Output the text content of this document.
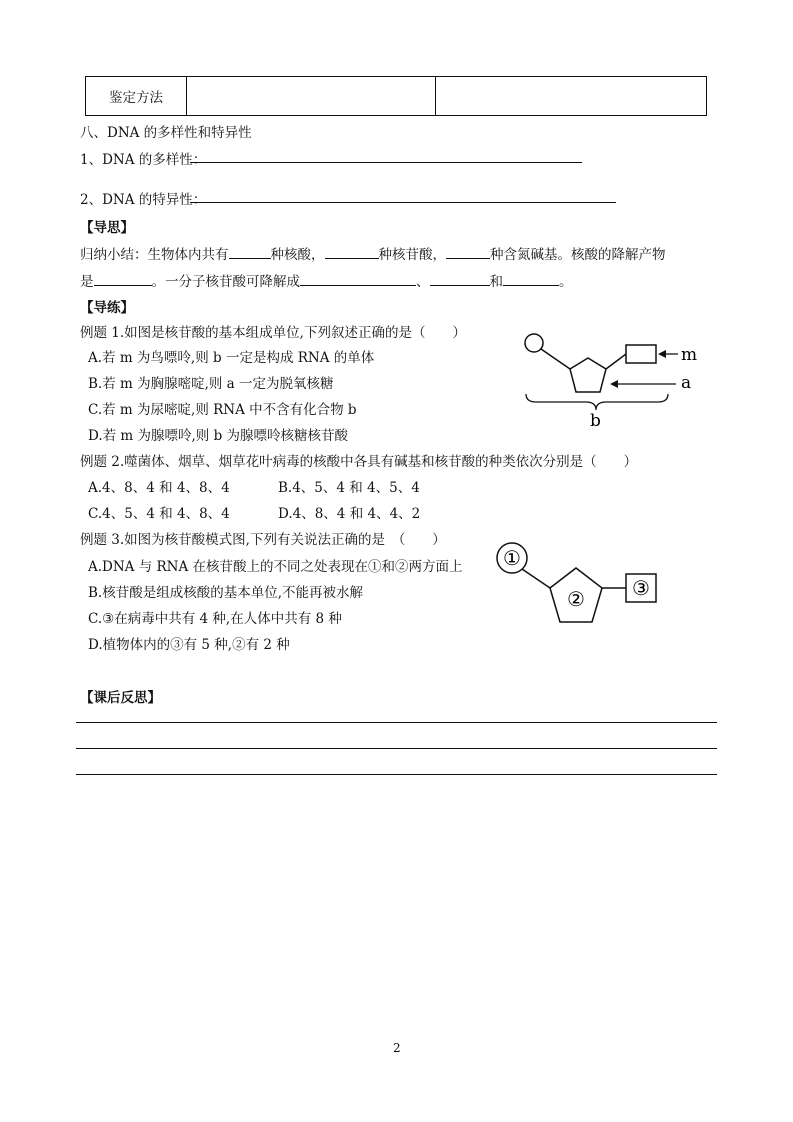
鉴定方法		
八、DNA 的多样性和特异性
1、DNA 的多样性：
2、DNA 的特异性：
【导思】
归纳小结：生物体内共有	种核酸，	种核苷酸，	种含氮碱基。核酸的降解产物
是	。一分子核苷酸可降解成	、	和	。
【导练】
例题 1.如图是核苷酸的基本组成单位,下列叙述正确的是（　　）
A.若 m 为鸟嘌呤,则 b 一定是构成 RNA 的单体
B.若 m 为胸腺嘧啶,则 a 一定为脱氧核糖
C.若 m 为尿嘧啶,则 RNA 中不含有化合物 b
D.若 m 为腺嘌呤,则 b 为腺嘌呤核糖核苷酸
m
a
b
例题 2.噬菌体、烟草、烟草花叶病毒的核酸中各具有碱基和核苷酸的种类依次分别是（　　）
A.4、8、4 和 4、8、4	B.4、5、4 和 4、5、4
C.4、5、4 和 4、8、4	D.4、8、4 和 4、4、2
例题 3.如图为核苷酸模式图,下列有关说法正确的是　（　　）
A.DNA 与 RNA 在核苷酸上的不同之处表现在①和②两方面上
B.核苷酸是组成核酸的基本单位,不能再被水解
C.③在病毒中共有 4 种,在人体中共有 8 种
D.植物体内的③有 5 种,②有 2 种
①
② ③
【课后反思】
2
